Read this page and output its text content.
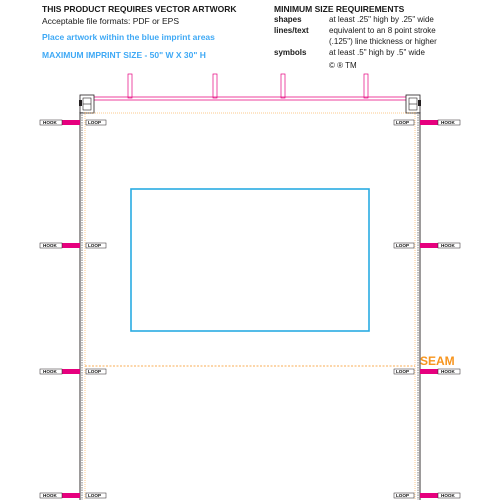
THIS PRODUCT REQUIRES VECTOR ARTWORK
Acceptable file formats: PDF or EPS
Place artwork within the blue imprint areas
MAXIMUM IMPRINT SIZE - 50" W X 30" H
MINIMUM SIZE REQUIREMENTS
shapes	at least .25" high by .25" wide
lines/text	equivalent to an 8 point stroke
(.125") line thickness or higher
symbols	at least .5" high by .5" wide
© ® TM
HOOK	LOOP
HOOK	LOOP
HOOK	LOOP
HOOK	LOOP
LOOP	HOOK
LOOP	HOOK
LOOP	HOOK
LOOP	HOOK
SEAM
